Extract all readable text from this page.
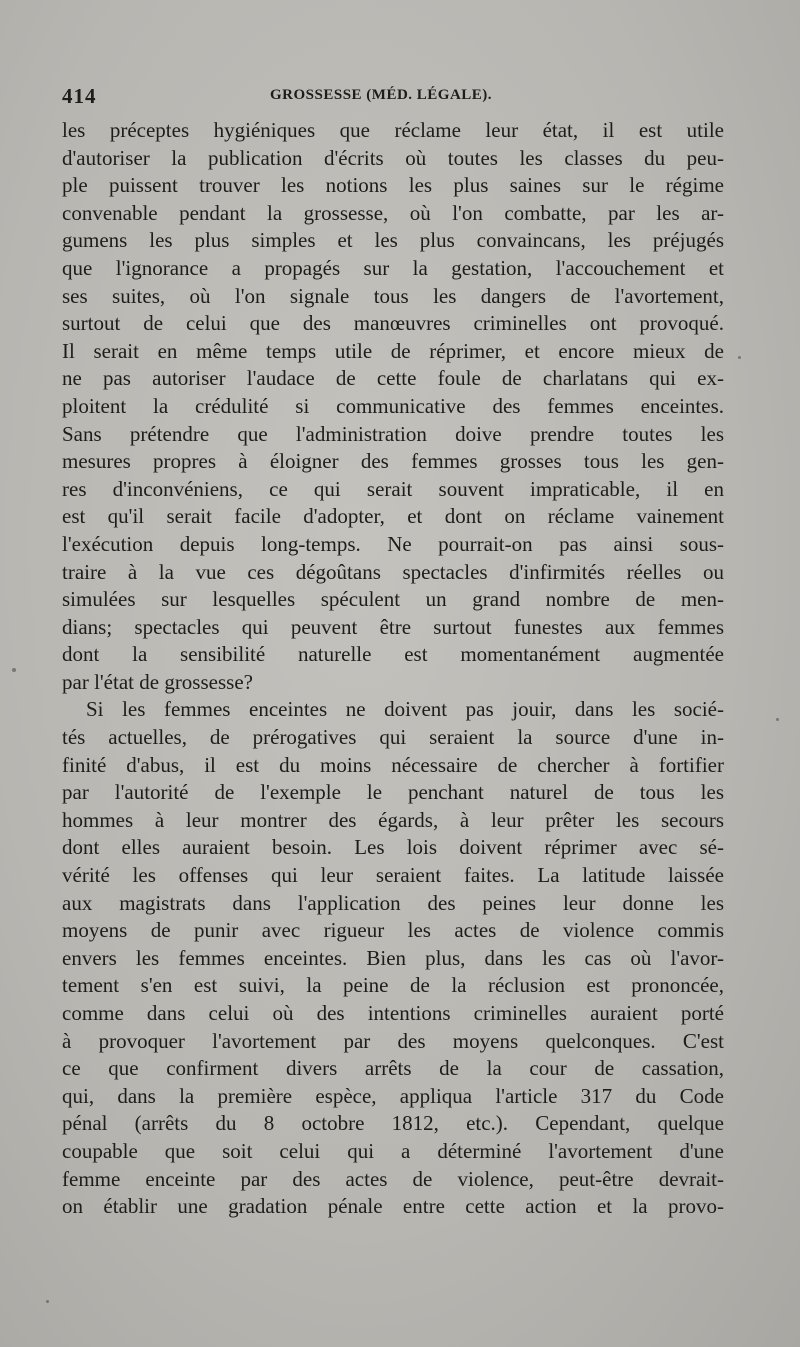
414	GROSSESSE (MÉD. LÉGALE).
les préceptes hygiéniques que réclame leur état, il est utile
d'autoriser la publication d'écrits où toutes les classes du peu-
ple puissent trouver les notions les plus saines sur le régime
convenable pendant la grossesse, où l'on combatte, par les ar-
gumens les plus simples et les plus convaincans, les préjugés
que l'ignorance a propagés sur la gestation, l'accouchement et
ses suites, où l'on signale tous les dangers de l'avortement,
surtout de celui que des manœuvres criminelles ont provoqué.
Il serait en même temps utile de réprimer, et encore mieux de
ne pas autoriser l'audace de cette foule de charlatans qui ex-
ploitent la crédulité si communicative des femmes enceintes.
Sans prétendre que l'administration doive prendre toutes les
mesures propres à éloigner des femmes grosses tous les gen-
res d'inconvéniens, ce qui serait souvent impraticable, il en
est qu'il serait facile d'adopter, et dont on réclame vainement
l'exécution depuis long-temps. Ne pourrait-on pas ainsi sous-
traire à la vue ces dégoûtans spectacles d'infirmités réelles ou
simulées sur lesquelles spéculent un grand nombre de men-
dians; spectacles qui peuvent être surtout funestes aux femmes
dont la sensibilité naturelle est momentanément augmentée
par l'état de grossesse?
Si les femmes enceintes ne doivent pas jouir, dans les socié-
tés actuelles, de prérogatives qui seraient la source d'une in-
finité d'abus, il est du moins nécessaire de chercher à fortifier
par l'autorité de l'exemple le penchant naturel de tous les
hommes à leur montrer des égards, à leur prêter les secours
dont elles auraient besoin. Les lois doivent réprimer avec sé-
vérité les offenses qui leur seraient faites. La latitude laissée
aux magistrats dans l'application des peines leur donne les
moyens de punir avec rigueur les actes de violence commis
envers les femmes enceintes. Bien plus, dans les cas où l'avor-
tement s'en est suivi, la peine de la réclusion est prononcée,
comme dans celui où des intentions criminelles auraient porté
à provoquer l'avortement par des moyens quelconques. C'est
ce que confirment divers arrêts de la cour de cassation,
qui, dans la première espèce, appliqua l'article 317 du Code
pénal (arrêts du 8 octobre 1812, etc.). Cependant, quelque
coupable que soit celui qui a déterminé l'avortement d'une
femme enceinte par des actes de violence, peut-être devrait-
on établir une gradation pénale entre cette action et la provo-
